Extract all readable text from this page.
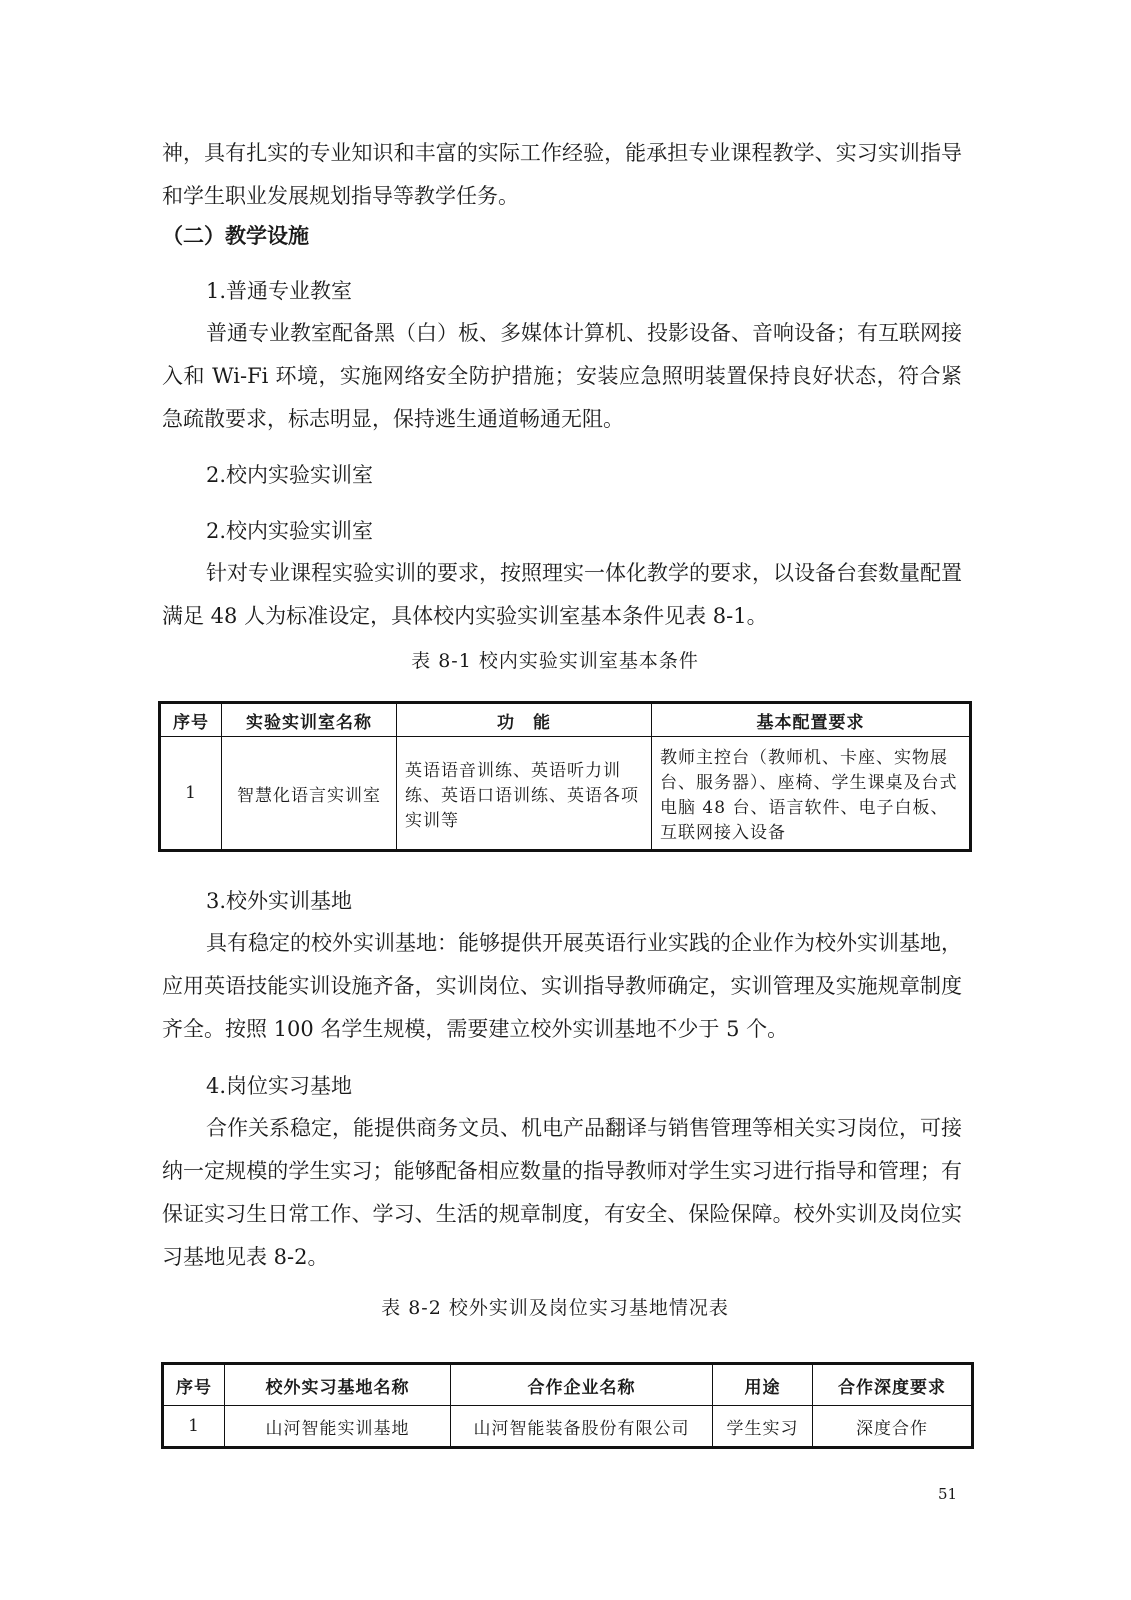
神，具有扎实的专业知识和丰富的实际工作经验，能承担专业课程教学、实习实训指导和学生职业发展规划指导等教学任务。

（二）教学设施

1.普通专业教室

普通专业教室配备黑（白）板、多媒体计算机、投影设备、音响设备；有互联网接入和 Wi-Fi 环境，实施网络安全防护措施；安装应急照明装置保持良好状态，符合紧急疏散要求，标志明显，保持逃生通道畅通无阻。

2.校内实验实训室

2.校内实验实训室

针对专业课程实验实训的要求，按照理实一体化教学的要求，以设备台套数量配置满足 48 人为标准设定，具体校内实验实训室基本条件见表 8-1。

表 8-1 校内实验实训室基本条件

序号	实验实训室名称	功　能	基本配置要求
1	智慧化语言实训室	英语语音训练、英语听力训练、英语口语训练、英语各项实训等	教师主控台（教师机、卡座、实物展台、服务器）、座椅、学生课桌及台式电脑 48 台、语言软件、电子白板、互联网接入设备

3.校外实训基地

具有稳定的校外实训基地：能够提供开展英语行业实践的企业作为校外实训基地，应用英语技能实训设施齐备，实训岗位、实训指导教师确定，实训管理及实施规章制度齐全。按照 100 名学生规模，需要建立校外实训基地不少于 5 个。

4.岗位实习基地

合作关系稳定，能提供商务文员、机电产品翻译与销售管理等相关实习岗位，可接纳一定规模的学生实习；能够配备相应数量的指导教师对学生实习进行指导和管理；有保证实习生日常工作、学习、生活的规章制度，有安全、保险保障。校外实训及岗位实习基地见表 8-2。

表 8-2 校外实训及岗位实习基地情况表

序号	校外实习基地名称	合作企业名称	用途	合作深度要求
1	山河智能实训基地	山河智能装备股份有限公司	学生实习	深度合作

51
